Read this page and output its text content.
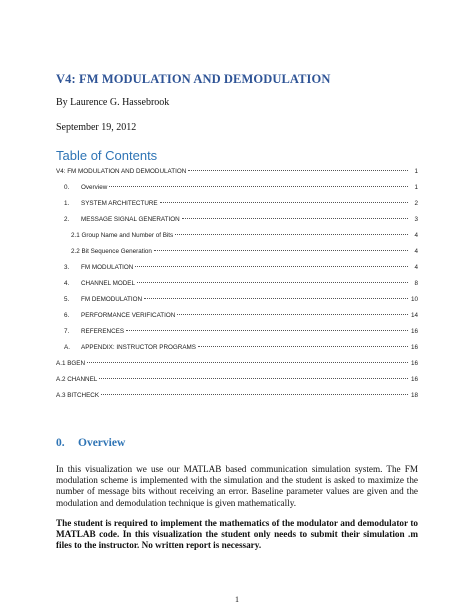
V4: FM MODULATION AND DEMODULATION
By Laurence G. Hassebrook
September 19, 2012
Table of Contents
V4: FM MODULATION AND DEMODULATION	1
0.	Overview	1
1.	SYSTEM ARCHITECTURE	2
2.	MESSAGE SIGNAL GENERATION	3
2.1 Group Name and Number of Bits	4
2.2 Bit Sequence Generation	4
3.	FM MODULATION	4
4.	CHANNEL MODEL	8
5.	FM DEMODULATION	10
6.	PERFORMANCE VERIFICATION	14
7.	REFERENCES	16
A.	APPENDIX: INSTRUCTOR PROGRAMS	16
A.1 BGEN	16
A.2 CHANNEL	16
A.3 BITCHECK	18
0. Overview

In this visualization we use our MATLAB based communication simulation system. The FM modulation scheme is implemented with the simulation and the student is asked to maximize the number of message bits without receiving an error. Baseline parameter values are given and the modulation and demodulation technique is given mathematically.

The student is required to implement the mathematics of the modulator and demodulator to MATLAB code. In this visualization the student only needs to submit their simulation .m files to the instructor. No written report is necessary.

1
